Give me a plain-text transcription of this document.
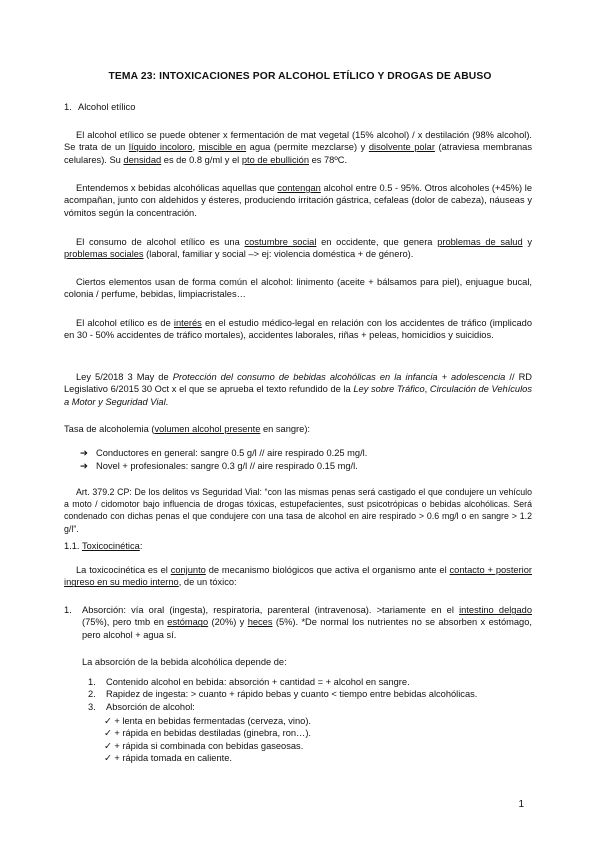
TEMA 23: INTOXICACIONES POR ALCOHOL ETÍLICO Y DROGAS DE ABUSO
1. Alcohol etílico

El alcohol etílico se puede obtener x fermentación de mat vegetal (15% alcohol) / x destilación (98% alcohol). Se trata de un líquido incoloro, miscible en agua (permite mezclarse) y disolvente polar (atraviesa membranas celulares). Su densidad es de 0.8 g/ml y el pto de ebullición es 78ºC.

Entendemos x bebidas alcohólicas aquellas que contengan alcohol entre 0.5 - 95%. Otros alcoholes (+45%) le acompañan, junto con aldehidos y ésteres, produciendo irritación gástrica, cefaleas (dolor de cabeza), náuseas y vómitos según la concentración.

El consumo de alcohol etílico es una costumbre social en occidente, que genera problemas de salud y problemas sociales (laboral, familiar y social –> ej: violencia doméstica + de género).

Ciertos elementos usan de forma común el alcohol: linimento (aceite + bálsamos para piel), enjuague bucal, colonia / perfume, bebidas, limpiacristales…

El alcohol etílico es de interés en el estudio médico-legal en relación con los accidentes de tráfico (implicado en 30 - 50% accidentes de tráfico mortales), accidentes laborales, riñas + peleas, homicidios y suicidios.

Ley 5/2018 3 May de Protección del consumo de bebidas alcohólicas en la infancia + adolescencia // RD Legislativo 6/2015 30 Oct x el que se aprueba el texto refundido de la Ley sobre Tráfico, Circulación de Vehículos a Motor y Seguridad Vial.

Tasa de alcoholemia (volumen alcohol presente en sangre):
➔ Conductores en general: sangre 0.5 g/l // aire respirado 0.25 mg/l.
➔ Novel + profesionales: sangre 0.3 g/l // aire respirado 0.15 mg/l.

Art. 379.2 CP: De los delitos vs Seguridad Vial: “con las mismas penas será castigado el que condujere un vehículo a moto / cidomotor bajo influencia de drogas tóxicas, estupefacientes, sust psicotrópicas o bebidas alcohólicas. Será condenado con dichas penas el que condujere con una tasa de alcohol en aire respirado > 0.6 mg/l o en sangre > 1.2 g/l”.

1.1. Toxicocinética:

La toxicocinética es el conjunto de mecanismo biológicos que activa el organismo ante el contacto + posterior ingreso en su medio interno, de un tóxico:

1. Absorción: vía oral (ingesta), respiratoria, parenteral (intravenosa). >tariamente en el intestino delgado (75%), pero tmb en estómago (20%) y heces (5%). *De normal los nutrientes no se absorben x estómago, pero alcohol + agua sí.

La absorción de la bebida alcohólica depende de:
1. Contenido alcohol en bebida: absorción + cantidad = + alcohol en sangre.
2. Rapidez de ingesta: > cuanto + rápido bebas y cuanto < tiempo entre bebidas alcohólicas.
3. Absorción de alcohol:
✓ + lenta en bebidas fermentadas (cerveza, vino).
✓ + rápida en bebidas destiladas (ginebra, ron…).
✓ + rápida si combinada con bebidas gaseosas.
✓ + rápida tomada en caliente.
1
